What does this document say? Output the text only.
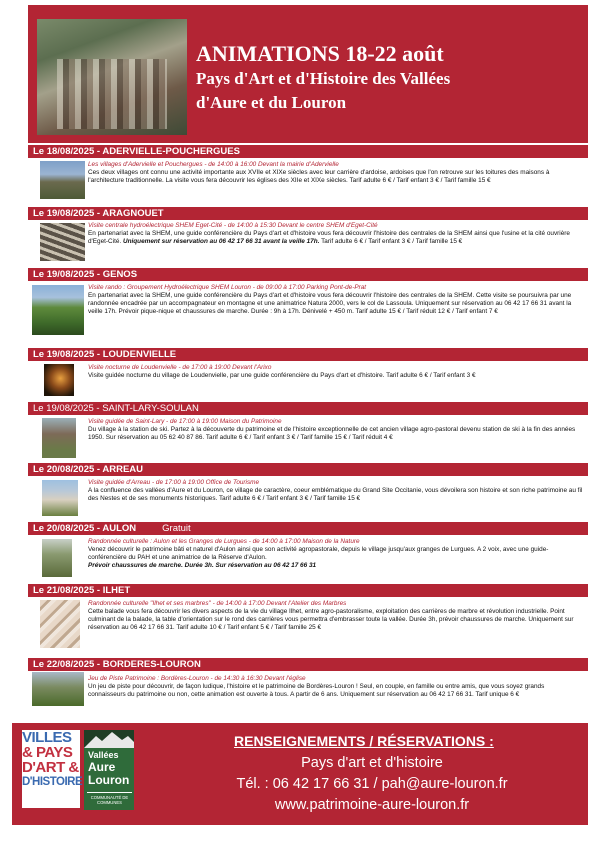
ANIMATIONS 18-22 août
Pays d'Art et d'Histoire des Vallées
d'Aure et du Louron
Le 18/08/2025 - ADERVIELLE-POUCHERGUES
Les villages d'Adervielle et Pouchergues - de 14:00 à 16:00 Devant la mairie d'Adervielle
Ces deux villages ont connu une activité importante aux XVIIe et XIXe siècles avec leur carrière d'ardoise, ardoises que l'on retrouve sur les toitures des maisons à l'architecture traditionnelle. La visite vous fera découvrir les églises des XIIe et XIXe siècles. Tarif adulte 6 € / Tarif enfant 3 € / Tarif famille 15 €
Le 19/08/2025 - ARAGNOUET
Visite centrale hydroélectrique SHEM Eget-Cité - de 14:00 à 15:30 Devant le centre SHEM d'Eget-Cité
En partenariat avec la SHEM, une guide conférencière du Pays d'art et d'histoire vous fera découvrir l'histoire des centrales de la SHEM ainsi que l'usine et la cité ouvrière d'Eget-Cité. Uniquement sur réservation au 06 42 17 66 31 avant la veille 17h. Tarif adulte 6 € / Tarif enfant 3 € / Tarif famille 15 €
Le 19/08/2025 - GENOS
Visite rando : Groupement Hydroélectrique SHEM Louron - de 09:00 à 17:00 Parking Pont-de-Prat
En partenariat avec la SHEM, une guide conférencière du Pays d'art et d'histoire vous fera découvrir l'histoire des centrales de la SHEM. Cette visite se poursuivra par une randonnée encadrée par un accompagnateur en montagne et une animatrice Natura 2000, vers le col de Lassoula. Uniquement sur réservation au 06 42 17 66 31 avant la veille 17h. Prévoir pique-nique et chaussures de marche. Durée : 9h à 17h. Dénivelé + 450 m. Tarif adulte 15 € / Tarif réduit 12 € / Tarif enfant 7 €
Le 19/08/2025 - LOUDENVIELLE
Visite nocturne de Loudenvielle - de 17:00 à 19:00 Devant l'Arixo
Visite guidée nocturne du village de Loudenvielle, par une guide conférencière du Pays d'art et d'histoire. Tarif adulte 6 € / Tarif enfant 3 €
Le 19/08/2025 - SAINT-LARY-SOULAN
Visite guidée de Saint-Lary - de 17:00 à 19:00 Maison du Patrimoine
Du village à la station de ski. Partez à la découverte du patrimoine et de l'histoire exceptionnelle de cet ancien village agro-pastoral devenu station de ski à la fin des années 1950. Sur réservation au 05 62 40 87 86. Tarif adulte 6 € / Tarif enfant 3 € / Tarif famille 15 € / Tarif réduit 4 €
Le 20/08/2025 - ARREAU
Visite guidée d'Arreau - de 17:00 à 19:00 Office de Tourisme
A la confluence des vallées d'Aure et du Louron, ce village de caractère, coeur emblématique du Grand Site Occitanie, vous dévoilera son histoire et son riche patrimoine au fil des Nestes et de ses monuments historiques. Tarif adulte 6 € / Tarif enfant 3 € / Tarif famille 15 €
Le 20/08/2025 - AULON	Gratuit
Randonnée culturelle : Aulon et les Granges de Lurgues - de 14:00 à 17:00 Maison de la Nature
Venez découvrir le patrimoine bâti et naturel d'Aulon ainsi que son activité agropastorale, depuis le village jusqu'aux granges de Lurgues. A 2 voix, avec une guide-conférencière du PAH et une animatrice de la Réserve d'Aulon.
Prévoir chaussures de marche. Durée 3h. Sur réservation au 06 42 17 66 31
Le 21/08/2025 - ILHET
Randonnée culturelle "Ilhet et ses marbres" - de 14:00 à 17:00 Devant l'Atelier des Marbres
Cette balade vous fera découvrir les divers aspects de la vie du village Ilhet, entre agro-pastoralisme, exploitation des carrières de marbre et révolution industrielle. Point culminant de la balade, la table d'orientation sur le rond des carrières vous permettra d'embrasser toute la vallée. Durée 3h, prévoir chaussures de marche. Uniquement sur réservation au 06 42 17 66 31. Tarif adulte 10 € / Tarif enfant 5 € / Tarif famille 25 €
Le 22/08/2025 - BORDERES-LOURON
Jeu de Piste Patrimoine : Bordères-Louron - de 14:30 à 16:30 Devant l'église
Un jeu de piste pour découvrir, de façon ludique, l'histoire et le patrimoine de Bordères-Louron ! Seul, en couple, en famille ou entre amis, que vous soyez grands connaisseurs du patrimoine ou non, cette animation est ouverte à tous. A partir de 6 ans. Uniquement sur réservation au 06 42 17 66 31. Tarif unique 6 €
VILLES
& PAYS
D'ART &
D'HISTOIRE
Vallées
Aure
Louron
COMMUNAUTÉ DE COMMUNES
RENSEIGNEMENTS / RÉSERVATIONS :
Pays d'art et d'histoire
Tél. : 06 42 17 66 31 / pah@aure-louron.fr
www.patrimoine-aure-louron.fr
